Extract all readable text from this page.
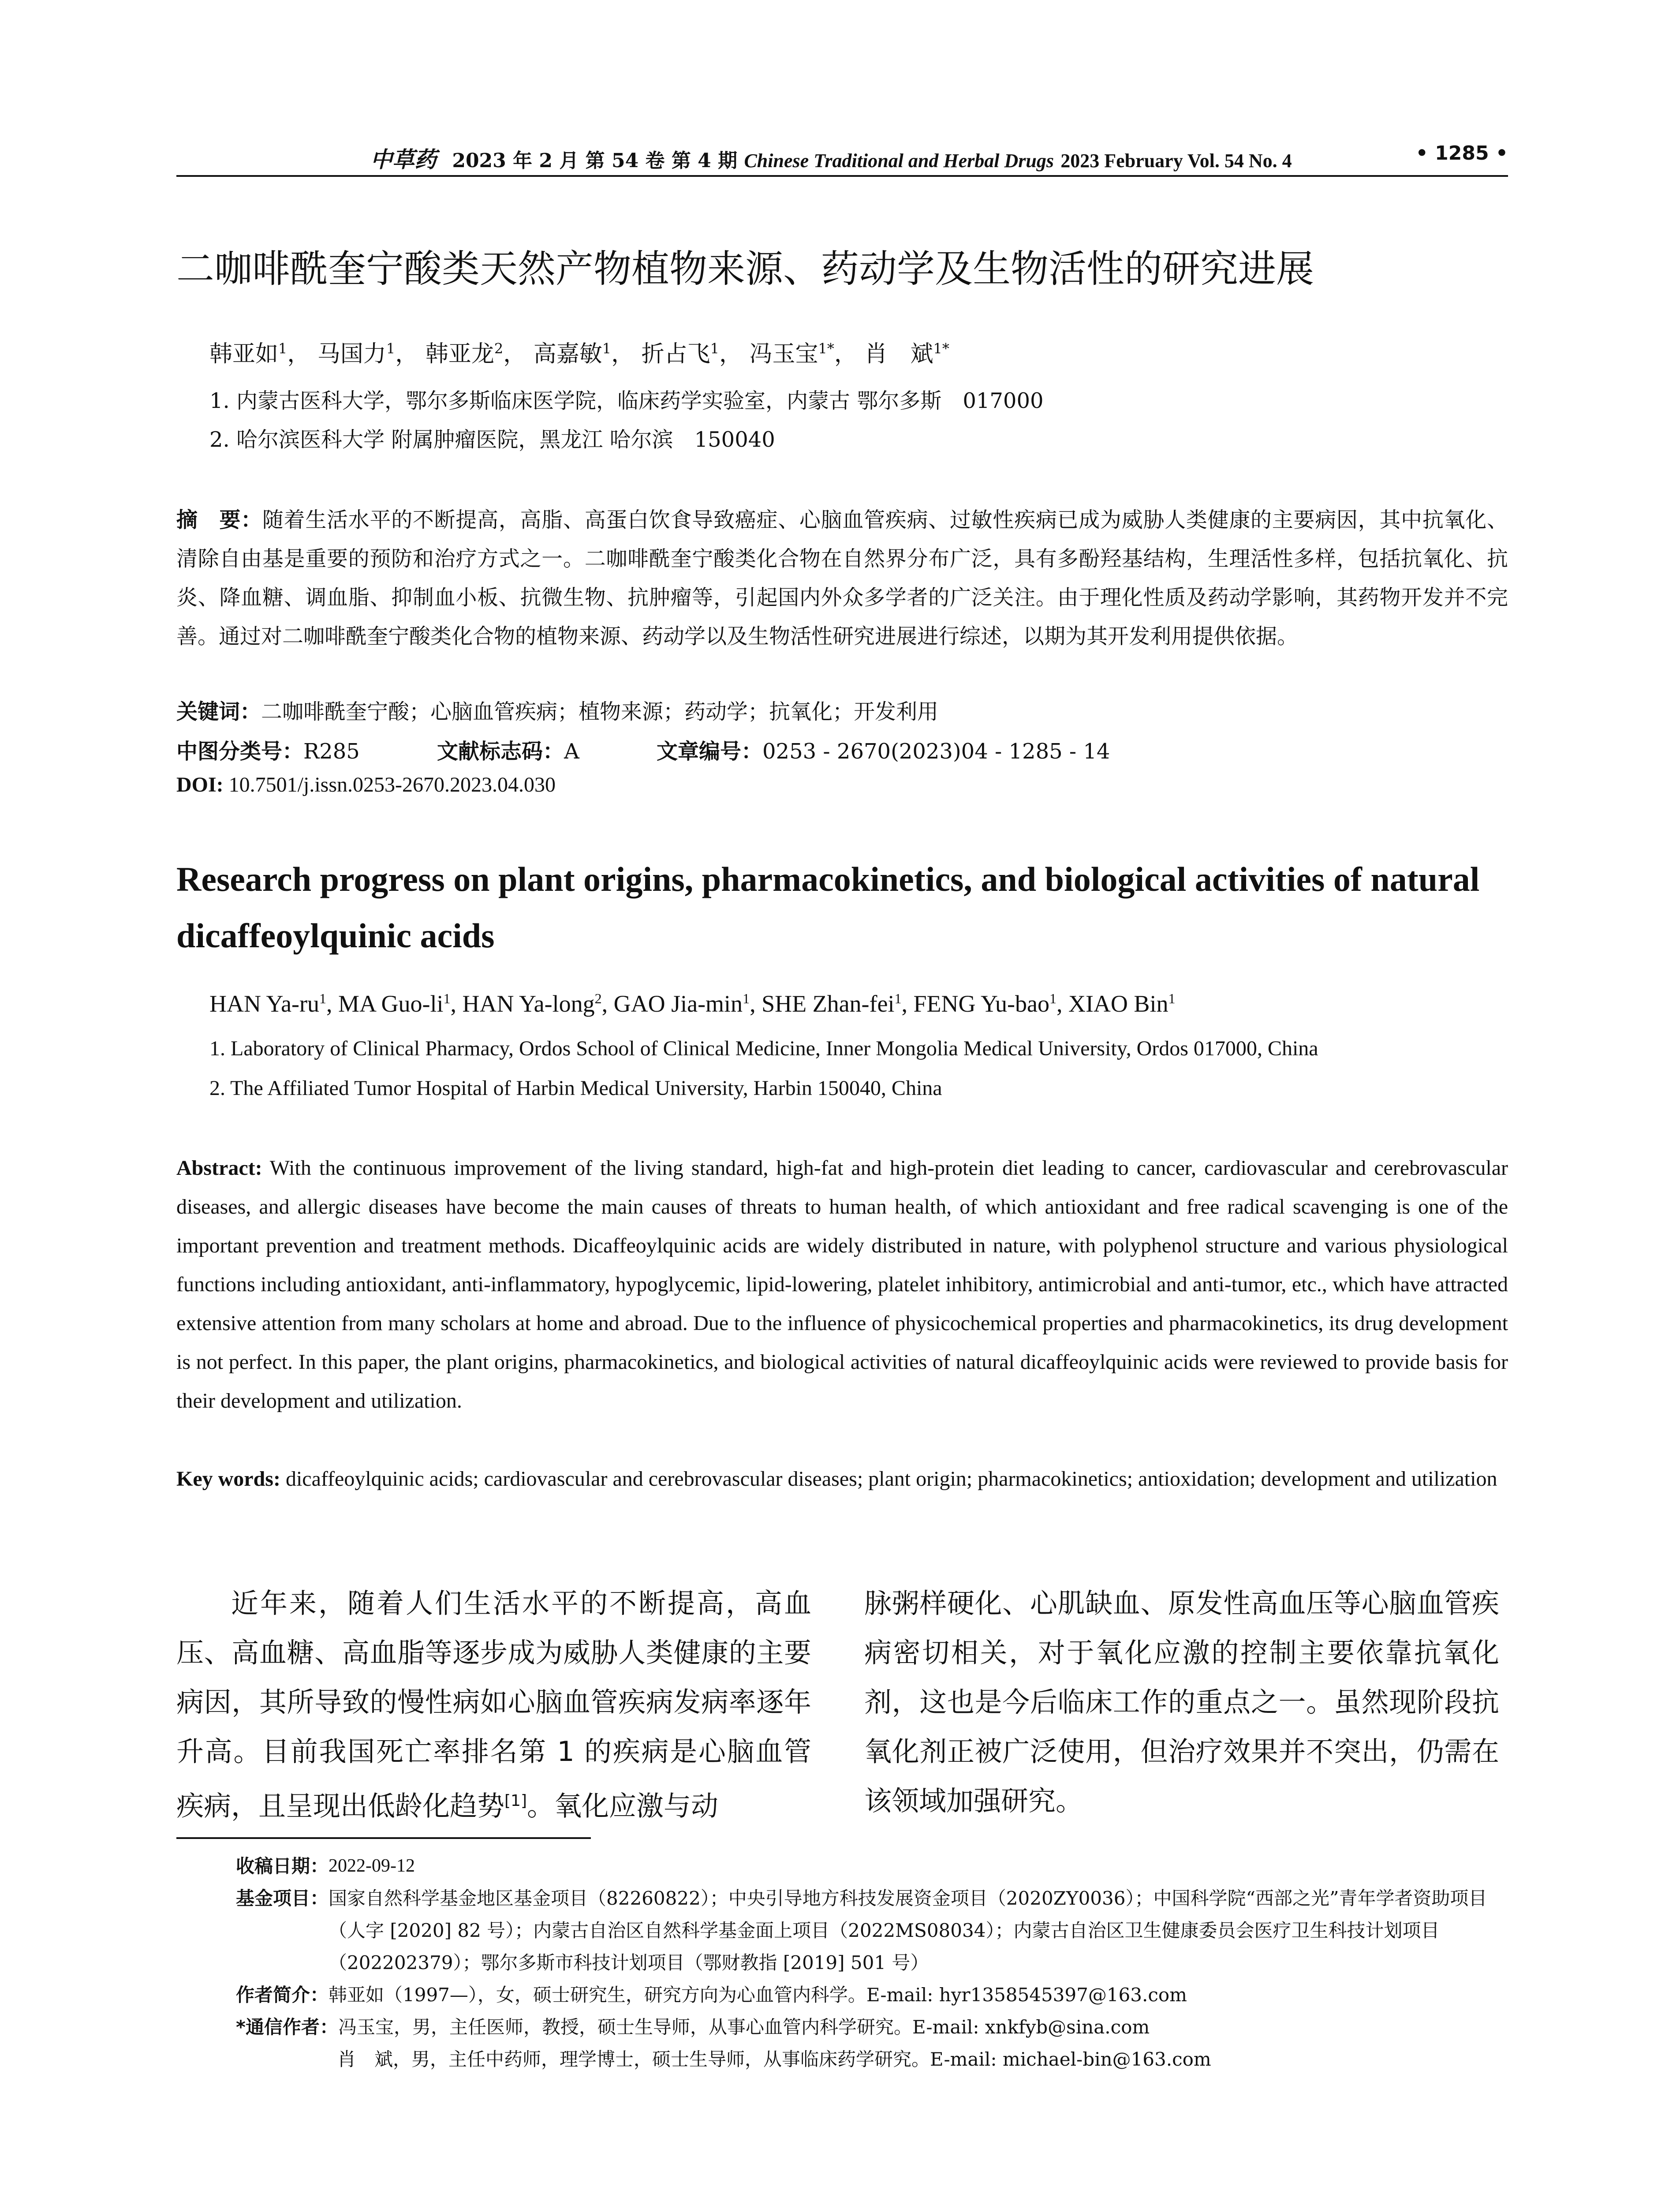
中草药 2023 年 2 月 第 54 卷 第 4 期 Chinese Traditional and Herbal Drugs 2023 February Vol. 54 No. 4	• 1285 •
二咖啡酰奎宁酸类天然产物植物来源、药动学及生物活性的研究进展
韩亚如$^1$， 马国力$^1$， 韩亚龙$^2$， 高嘉敏$^1$， 折占飞$^1$， 冯玉宝$^{1*}$， 肖　斌$^{1*}$
1. 内蒙古医科大学，鄂尔多斯临床医学院，临床药学实验室，内蒙古 鄂尔多斯　017000
2. 哈尔滨医科大学 附属肿瘤医院，黑龙江 哈尔滨　150040
摘　要：随着生活水平的不断提高，高脂、高蛋白饮食导致癌症、心脑血管疾病、过敏性疾病已成为威胁人类健康的主要病因，其中抗氧化、清除自由基是重要的预防和治疗方式之一。二咖啡酰奎宁酸类化合物在自然界分布广泛，具有多酚羟基结构，生理活性多样，包括抗氧化、抗炎、降血糖、调血脂、抑制血小板、抗微生物、抗肿瘤等，引起国内外众多学者的广泛关注。由于理化性质及药动学影响，其药物开发并不完善。通过对二咖啡酰奎宁酸类化合物的植物来源、药动学以及生物活性研究进展进行综述，以期为其开发利用提供依据。
关键词：二咖啡酰奎宁酸；心脑血管疾病；植物来源；药动学；抗氧化；开发利用
中图分类号：R285	文献标志码：A	文章编号：0253 - 2670(2023)04 - 1285 - 14
DOI: 10.7501/j.issn.0253-2670.2023.04.030
Research progress on plant origins, pharmacokinetics, and biological activities of natural dicaffeoylquinic acids
HAN $Ya-ru^1$, MA Guo-$li^1$, HAN Ya-long$^2$, GAO Jia-$\min^1$, SHE Zhan-fei$^1$, FENG Yu-bao$^1$, XIAO Bin$^1$
1. Laboratory of Clinical Pharmacy, Ordos School of Clinical Medicine, Inner Mongolia Medical University, Ordos 017000, China
2. The Affiliated Tumor Hospital of Harbin Medical University, Harbin 150040, China
Abstract: With the continuous improvement of the living standard, high-fat and high-protein diet leading to cancer, cardiovascular and cerebrovascular diseases, and allergic diseases have become the main causes of threats to human health, of which antioxidant and free radical scavenging is one of the important prevention and treatment methods. Dicaffeoylquinic acids are widely distributed in nature, with polyphenol structure and various physiological functions including antioxidant, anti-inflammatory, hypoglycemic, lipid-lowering, platelet inhibitory, antimicrobial and anti-tumor, etc., which have attracted extensive attention from many scholars at home and abroad. Due to the influence of physicochemical properties and pharmacokinetics, its drug development is not perfect. In this paper, the plant origins, pharmacokinetics, and biological activities of natural dicaffeoylquinic acids were reviewed to provide basis for their development and utilization.
Key words: dicaffeoylquinic acids; cardiovascular and cerebrovascular diseases; plant origin; pharmacokinetics; antioxidation; development and utilization
近年来，随着人们生活水平的不断提高，高血压、高血糖、高血脂等逐步成为威胁人类健康的主要病因，其所导致的慢性病如心脑血管疾病发病率逐年升高。目前我国死亡率排名第 1 的疾病是心脑血管疾病，且呈现出低龄化趋势[1]。氧化应激与动
脉粥样硬化、心肌缺血、原发性高血压等心脑血管疾病密切相关，对于氧化应激的控制主要依靠抗氧化剂，这也是今后临床工作的重点之一。虽然现阶段抗氧化剂正被广泛使用，但治疗效果并不突出，仍需在该领域加强研究。
收稿日期： 2022-09-12
基金项目： 国家自然科学基金地区基金项目（82260822）；中央引导地方科技发展资金项目（2020ZY0036）；中国科学院“西部之光”青年学者资助项目（人字 [2020] 82 号）；内蒙古自治区自然科学基金面上项目（2022MS08034）；内蒙古自治区卫生健康委员会医疗卫生科技计划项目（202202379）；鄂尔多斯市科技计划项目（鄂财教指 [2019] 501 号）
作者简介： 韩亚如（1997—），女，硕士研究生，研究方向为心血管内科学。E-mail: hyr1358545397@163.com
*通信作者： 冯玉宝，男，主任医师，教授，硕士生导师，从事心血管内科学研究。E-mail: xnkfyb@sina.com
肖　斌，男，主任中药师，理学博士，硕士生导师，从事临床药学研究。E-mail: michael-bin@163.com
